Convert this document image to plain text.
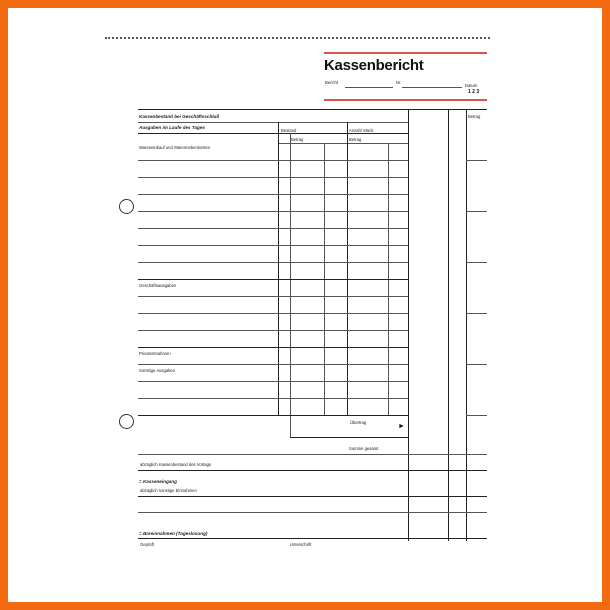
Kassenbericht
Bericht	Nr.
Datum
1 2 3
Kassenbestand bei Geschäftsschluß
Ausgaben im Laufe des Tages
Bestand
Betrag
Anzahl Stück
Betrag
Betrag
Wareneinkauf und Warennebenkosten
Geschäftsausgaben
Privatentnahmen
Sonstige Ausgaben
Übertrag
►
Summe gesamt
abzüglich Kassenbestand des Vortags
= Kasseneingang
abzüglich sonstige Einnahmen
= Bareinnahmen (Tageslosung)
Geprüft	Unterschrift
